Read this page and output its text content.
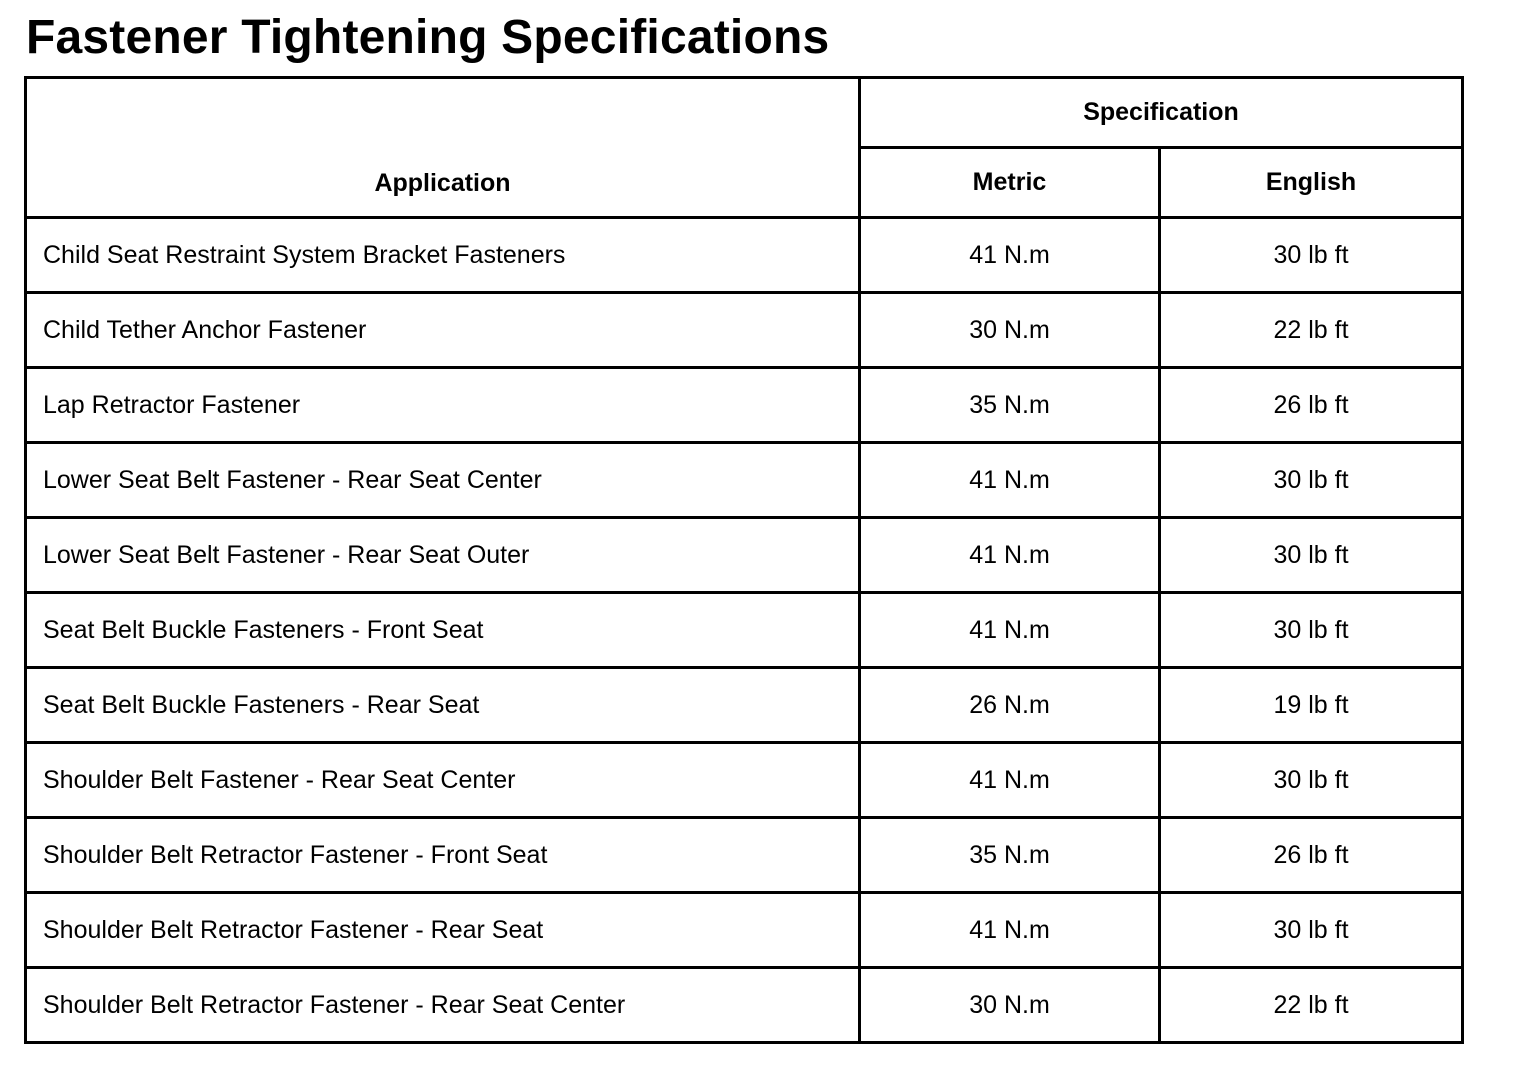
Fastener Tightening Specifications
Application	Specification	
	Metric	English
Child Seat Restraint System Bracket Fasteners	41 N.m	30 lb ft
Child Tether Anchor Fastener	30 N.m	22 lb ft
Lap Retractor Fastener	35 N.m	26 lb ft
Lower Seat Belt Fastener - Rear Seat Center	41 N.m	30 lb ft
Lower Seat Belt Fastener - Rear Seat Outer	41 N.m	30 lb ft
Seat Belt Buckle Fasteners - Front Seat	41 N.m	30 lb ft
Seat Belt Buckle Fasteners - Rear Seat	26 N.m	19 lb ft
Shoulder Belt Fastener - Rear Seat Center	41 N.m	30 lb ft
Shoulder Belt Retractor Fastener - Front Seat	35 N.m	26 lb ft
Shoulder Belt Retractor Fastener - Rear Seat	41 N.m	30 lb ft
Shoulder Belt Retractor Fastener - Rear Seat Center	30 N.m	22 lb ft
